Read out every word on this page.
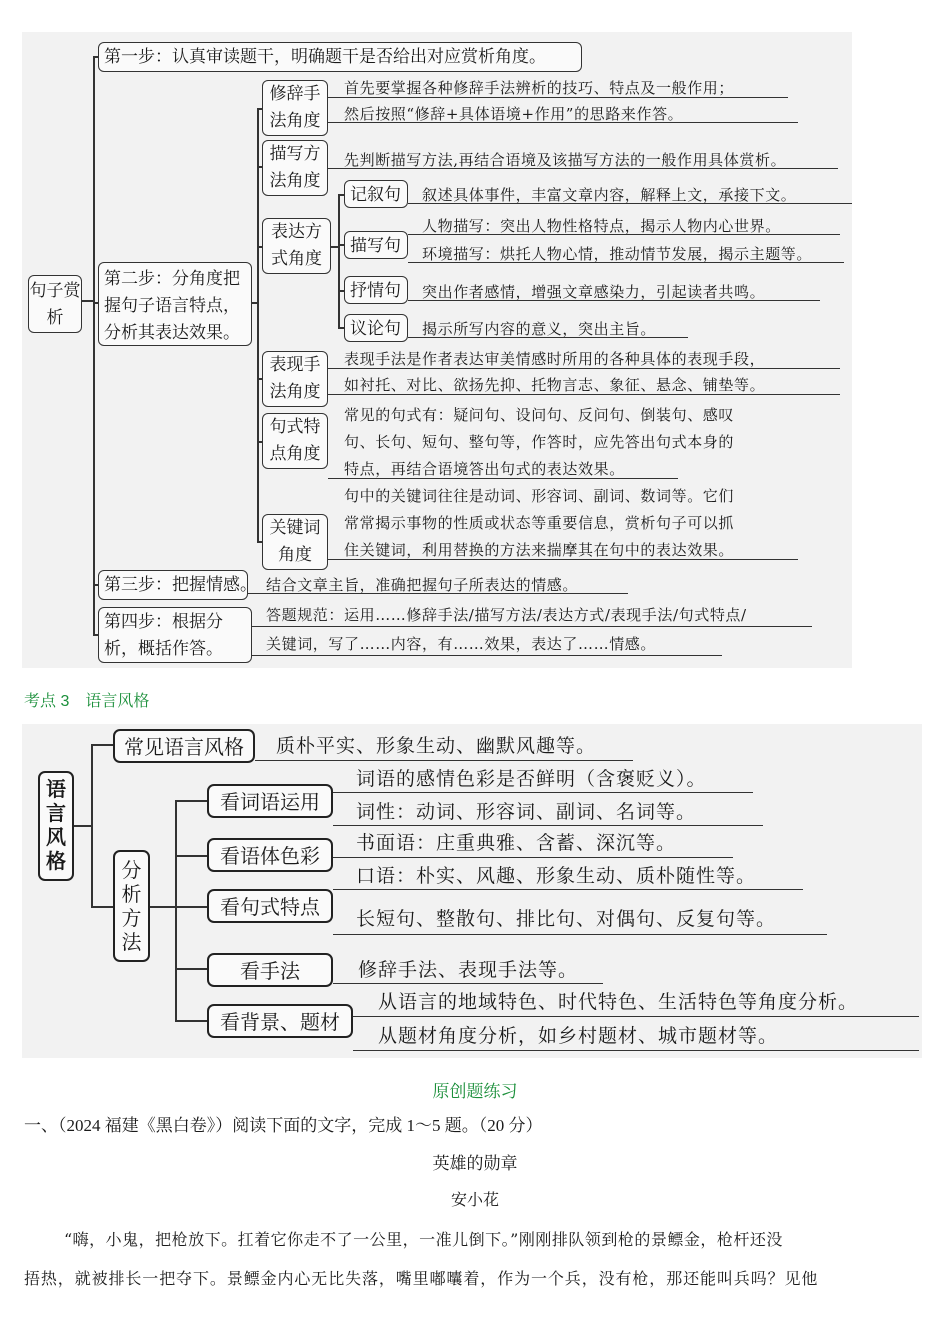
句子赏析
第一步：认真审读题干，明确题干是否给出对应赏析角度。
第二步：分角度把握句子语言特点，分析其表达效果。
第三步：把握情感。 结合文章主旨，准确把握句子所表达的情感。
第四步：根据分析，概括作答。
答题规范：运用……修辞手法/描写方法/表达方式/表现手法/句式特点/
关键词，写了……内容，有……效果，表达了……情感。
修辞手法角度
首先要掌握各种修辞手法辨析的技巧、特点及一般作用；
然后按照“修辞+具体语境+作用”的思路来作答。
描写方法角度
先判断描写方法,再结合语境及该描写方法的一般作用具体赏析。
表达方式角度
记叙句	叙述具体事件，丰富文章内容，解释上文，承接下文。
描写句
人物描写：突出人物性格特点，揭示人物内心世界。
环境描写：烘托人物心情，推动情节发展，揭示主题等。
抒情句	突出作者感情，增强文章感染力，引起读者共鸣。
议论句	揭示所写内容的意义，突出主旨。
表现手法角度
表现手法是作者表达审美情感时所用的各种具体的表现手段，
如衬托、对比、欲扬先抑、托物言志、象征、悬念、铺垫等。
句式特点角度
常见的句式有：疑问句、设问句、反问句、倒装句、感叹
句、长句、短句、整句等，作答时，应先答出句式本身的
特点，再结合语境答出句式的表达效果。
关键词角度
句中的关键词往往是动词、形容词、副词、数词等。它们
常常揭示事物的性质或状态等重要信息，赏析句子可以抓
住关键词，利用替换的方法来揣摩其在句中的表达效果。
考点 3　语言风格
语言风格
常见语言风格	质朴平实、形象生动、幽默风趣等。
分析方法
看词语运用
词语的感情色彩是否鲜明（含褒贬义）。
词性：动词、形容词、副词、名词等。
看语体色彩
书面语：庄重典雅、含蓄、深沉等。
口语：朴实、风趣、形象生动、质朴随性等。
看句式特点	长短句、整散句、排比句、对偶句、反复句等。
看手法	修辞手法、表现手法等。
看背景、题材
从语言的地域特色、时代特色、生活特色等角度分析。
从题材角度分析，如乡村题材、城市题材等。
原创题练习
一、（2024 福建《黑白卷》）阅读下面的文字，完成 1～5 题。（20 分）
英雄的勋章
安小花
“嗨，小鬼，把枪放下。扛着它你走不了一公里，一准儿倒下。”刚刚排队领到枪的景鳔金，枪杆还没
捂热，就被排长一把夺下。景鳔金内心无比失落，嘴里嘟囔着，作为一个兵，没有枪，那还能叫兵吗？见他
